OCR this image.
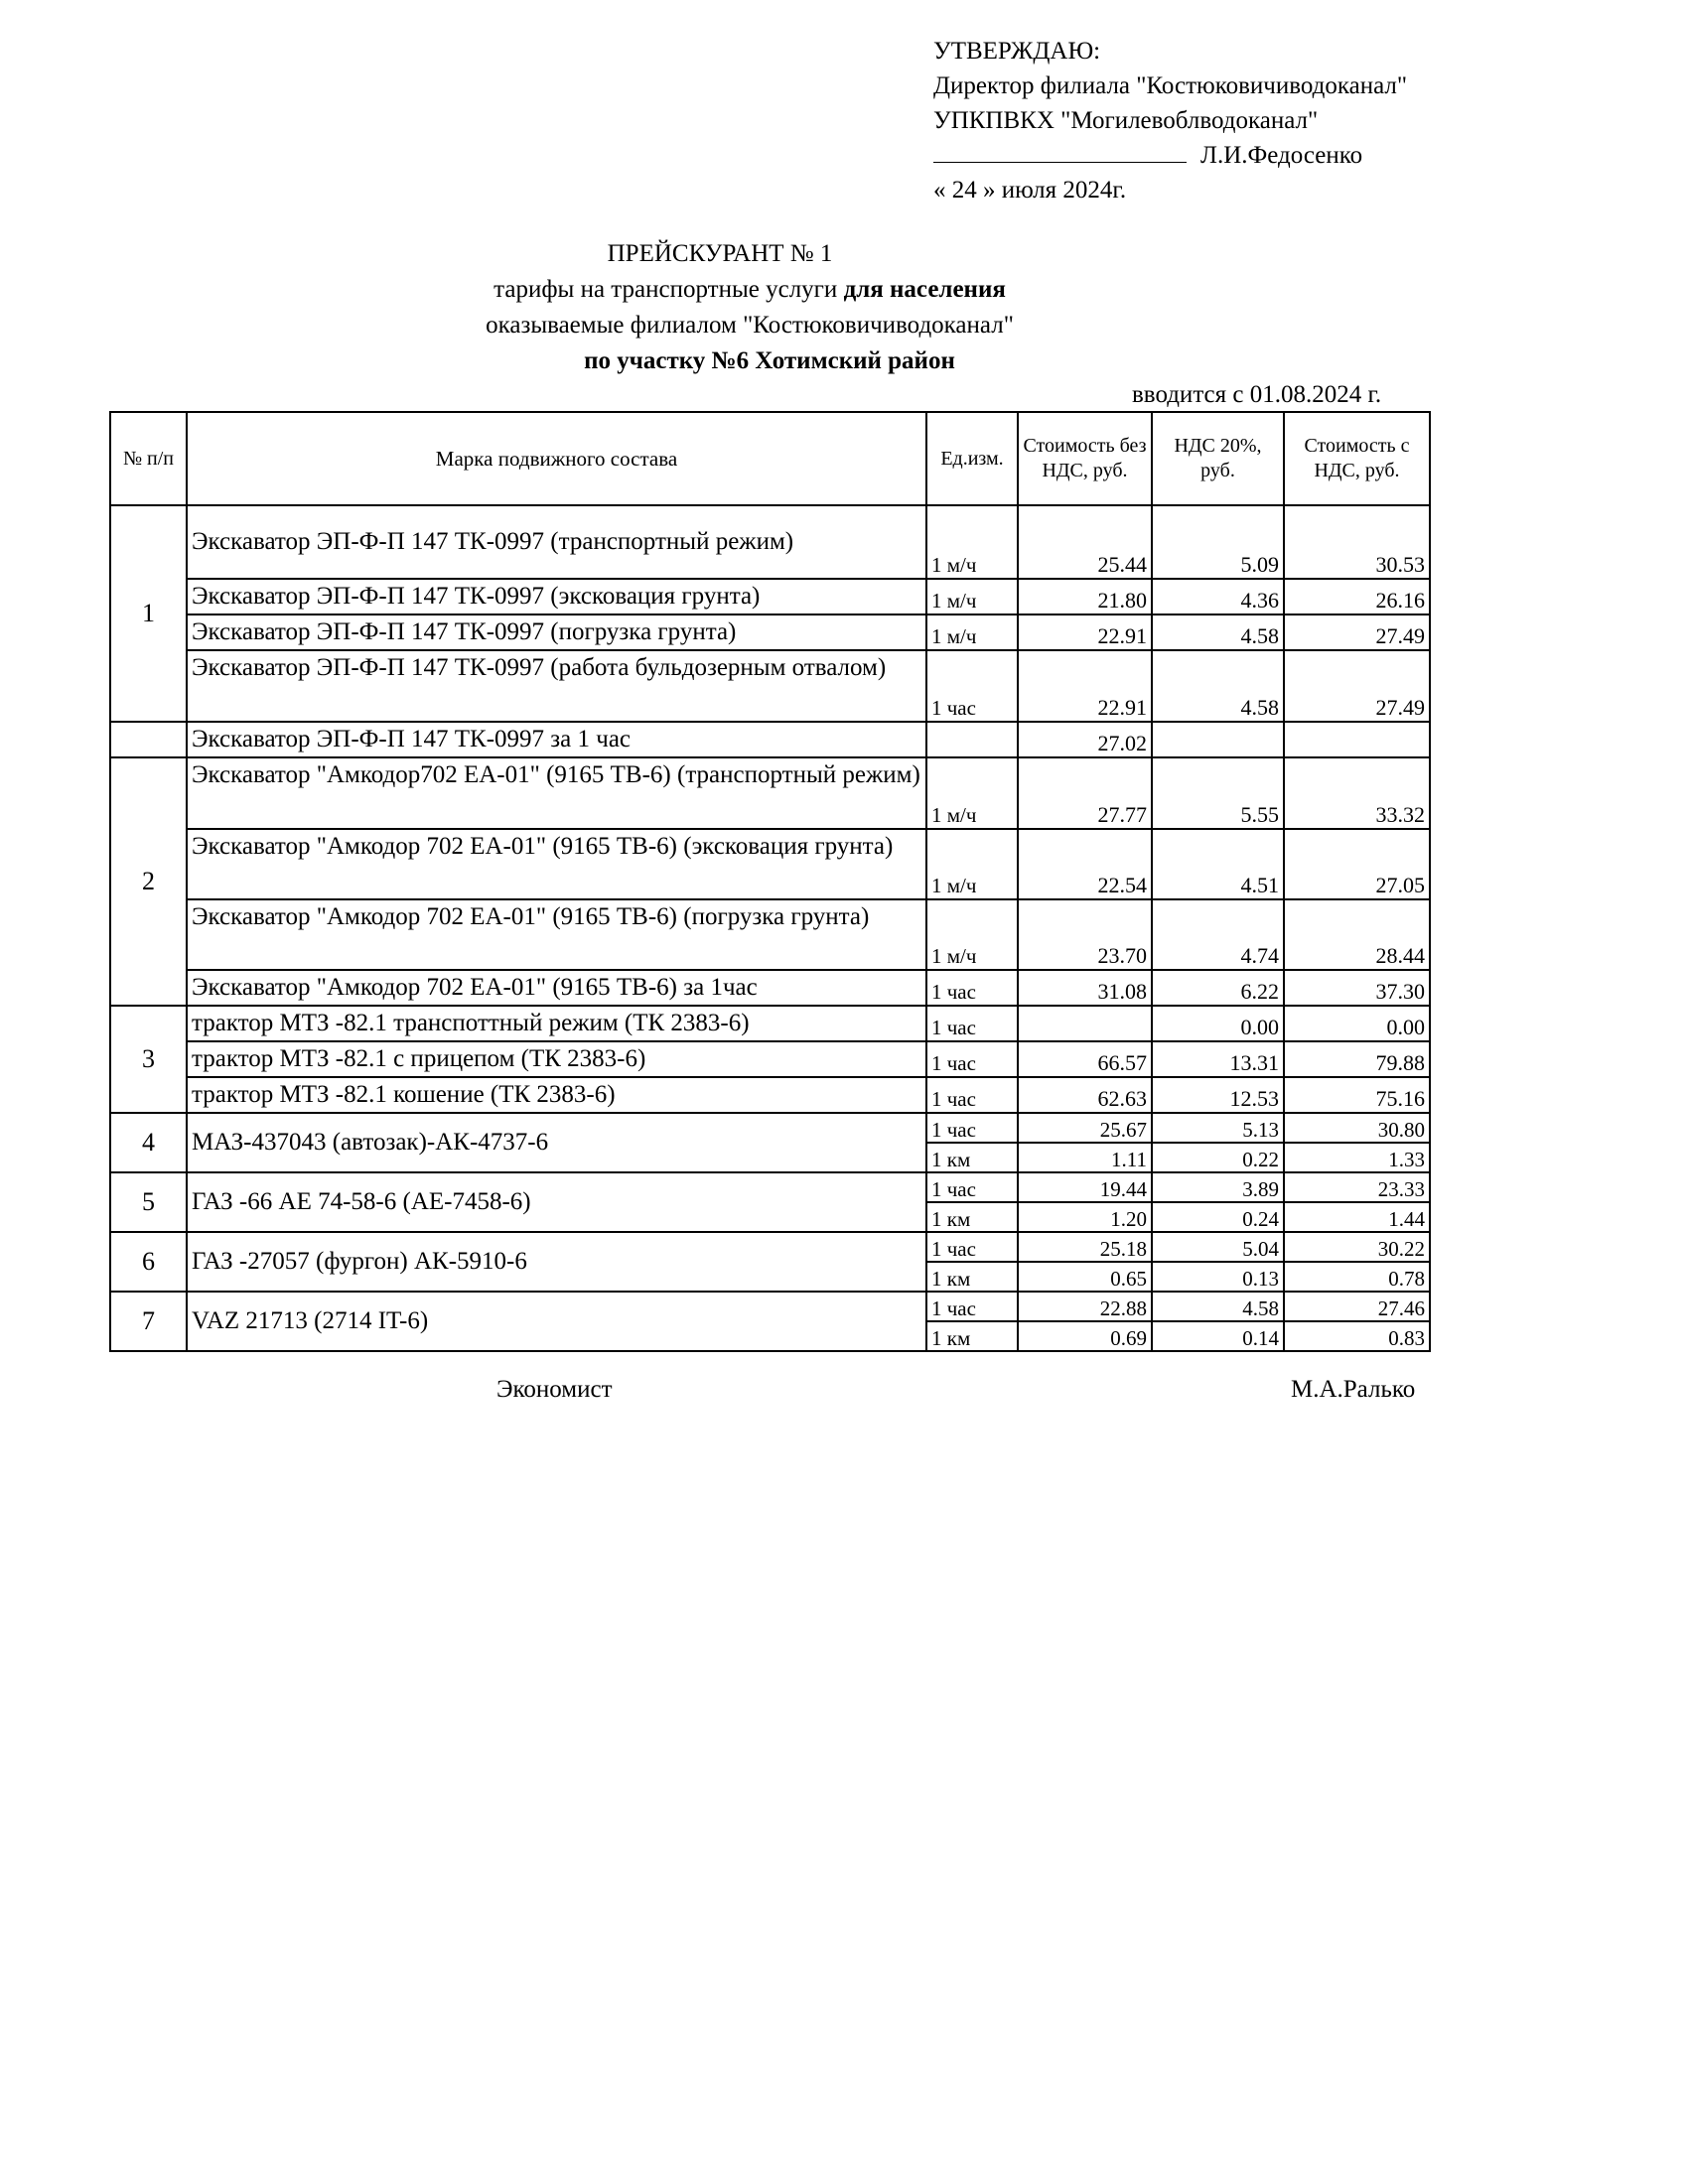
УТВЕРЖДАЮ:
Директор филиала "Костюковичиводоканал"
УПКПВКХ "Могилевоблводоканал"
Л.И.Федосенко
« 24 » июля 2024г.
ПРЕЙСКУРАНТ № 1
тарифы на транспортные услуги для населения
оказываемые филиалом "Костюковичиводоканал"
по участку №6 Хотимский район
вводится с 01.08.2024 г.
№ п/п	Марка подвижного состава	Ед.изм.	Стоимость без НДС, руб.	НДС 20%, руб.	Стоимость с НДС, руб.
1	Экскаватор ЭП-Ф-П 147 ТК-0997 (транспортный режим)	1 м/ч	25.44	5.09	30.53
	Экскаватор ЭП-Ф-П 147 ТК-0997 (эксковация грунта)	1 м/ч	21.80	4.36	26.16
	Экскаватор ЭП-Ф-П 147 ТК-0997 (погрузка грунта)	1 м/ч	22.91	4.58	27.49
	Экскаватор ЭП-Ф-П 147 ТК-0997 (работа бульдозерным отвалом)	1 час	22.91	4.58	27.49
	Экскаватор ЭП-Ф-П 147 ТК-0997 за 1 час		27.02		
2	Экскаватор "Амкодор702 ЕА-01" (9165 ТВ-6) (транспортный режим)	1 м/ч	27.77	5.55	33.32
	Экскаватор "Амкодор 702 ЕА-01" (9165 ТВ-6) (эксковация грунта)	1 м/ч	22.54	4.51	27.05
	Экскаватор "Амкодор 702 ЕА-01" (9165 ТВ-6) (погрузка грунта)	1 м/ч	23.70	4.74	28.44
	Экскаватор "Амкодор 702 ЕА-01" (9165 ТВ-6) за 1час	1 час	31.08	6.22	37.30
3	трактор МТЗ -82.1 транспоттный режим (ТК 2383-6)	1 час		0.00	0.00
	трактор МТЗ -82.1 с прицепом (ТК 2383-6)	1 час	66.57	13.31	79.88
	трактор МТЗ -82.1 кошение (ТК 2383-6)	1 час	62.63	12.53	75.16
4	МАЗ-437043 (автозак)-АК-4737-6	1 час	25.67	5.13	30.80
		1 км	1.11	0.22	1.33
5	ГАЗ -66 АЕ 74-58-6 (АЕ-7458-6)	1 час	19.44	3.89	23.33
		1 км	1.20	0.24	1.44
6	ГАЗ -27057 (фургон) АК-5910-6	1 час	25.18	5.04	30.22
		1 км	0.65	0.13	0.78
7	VAZ 21713 (2714 IT-6)	1 час	22.88	4.58	27.46
		1 км	0.69	0.14	0.83
Экономист	М.А.Ралько
